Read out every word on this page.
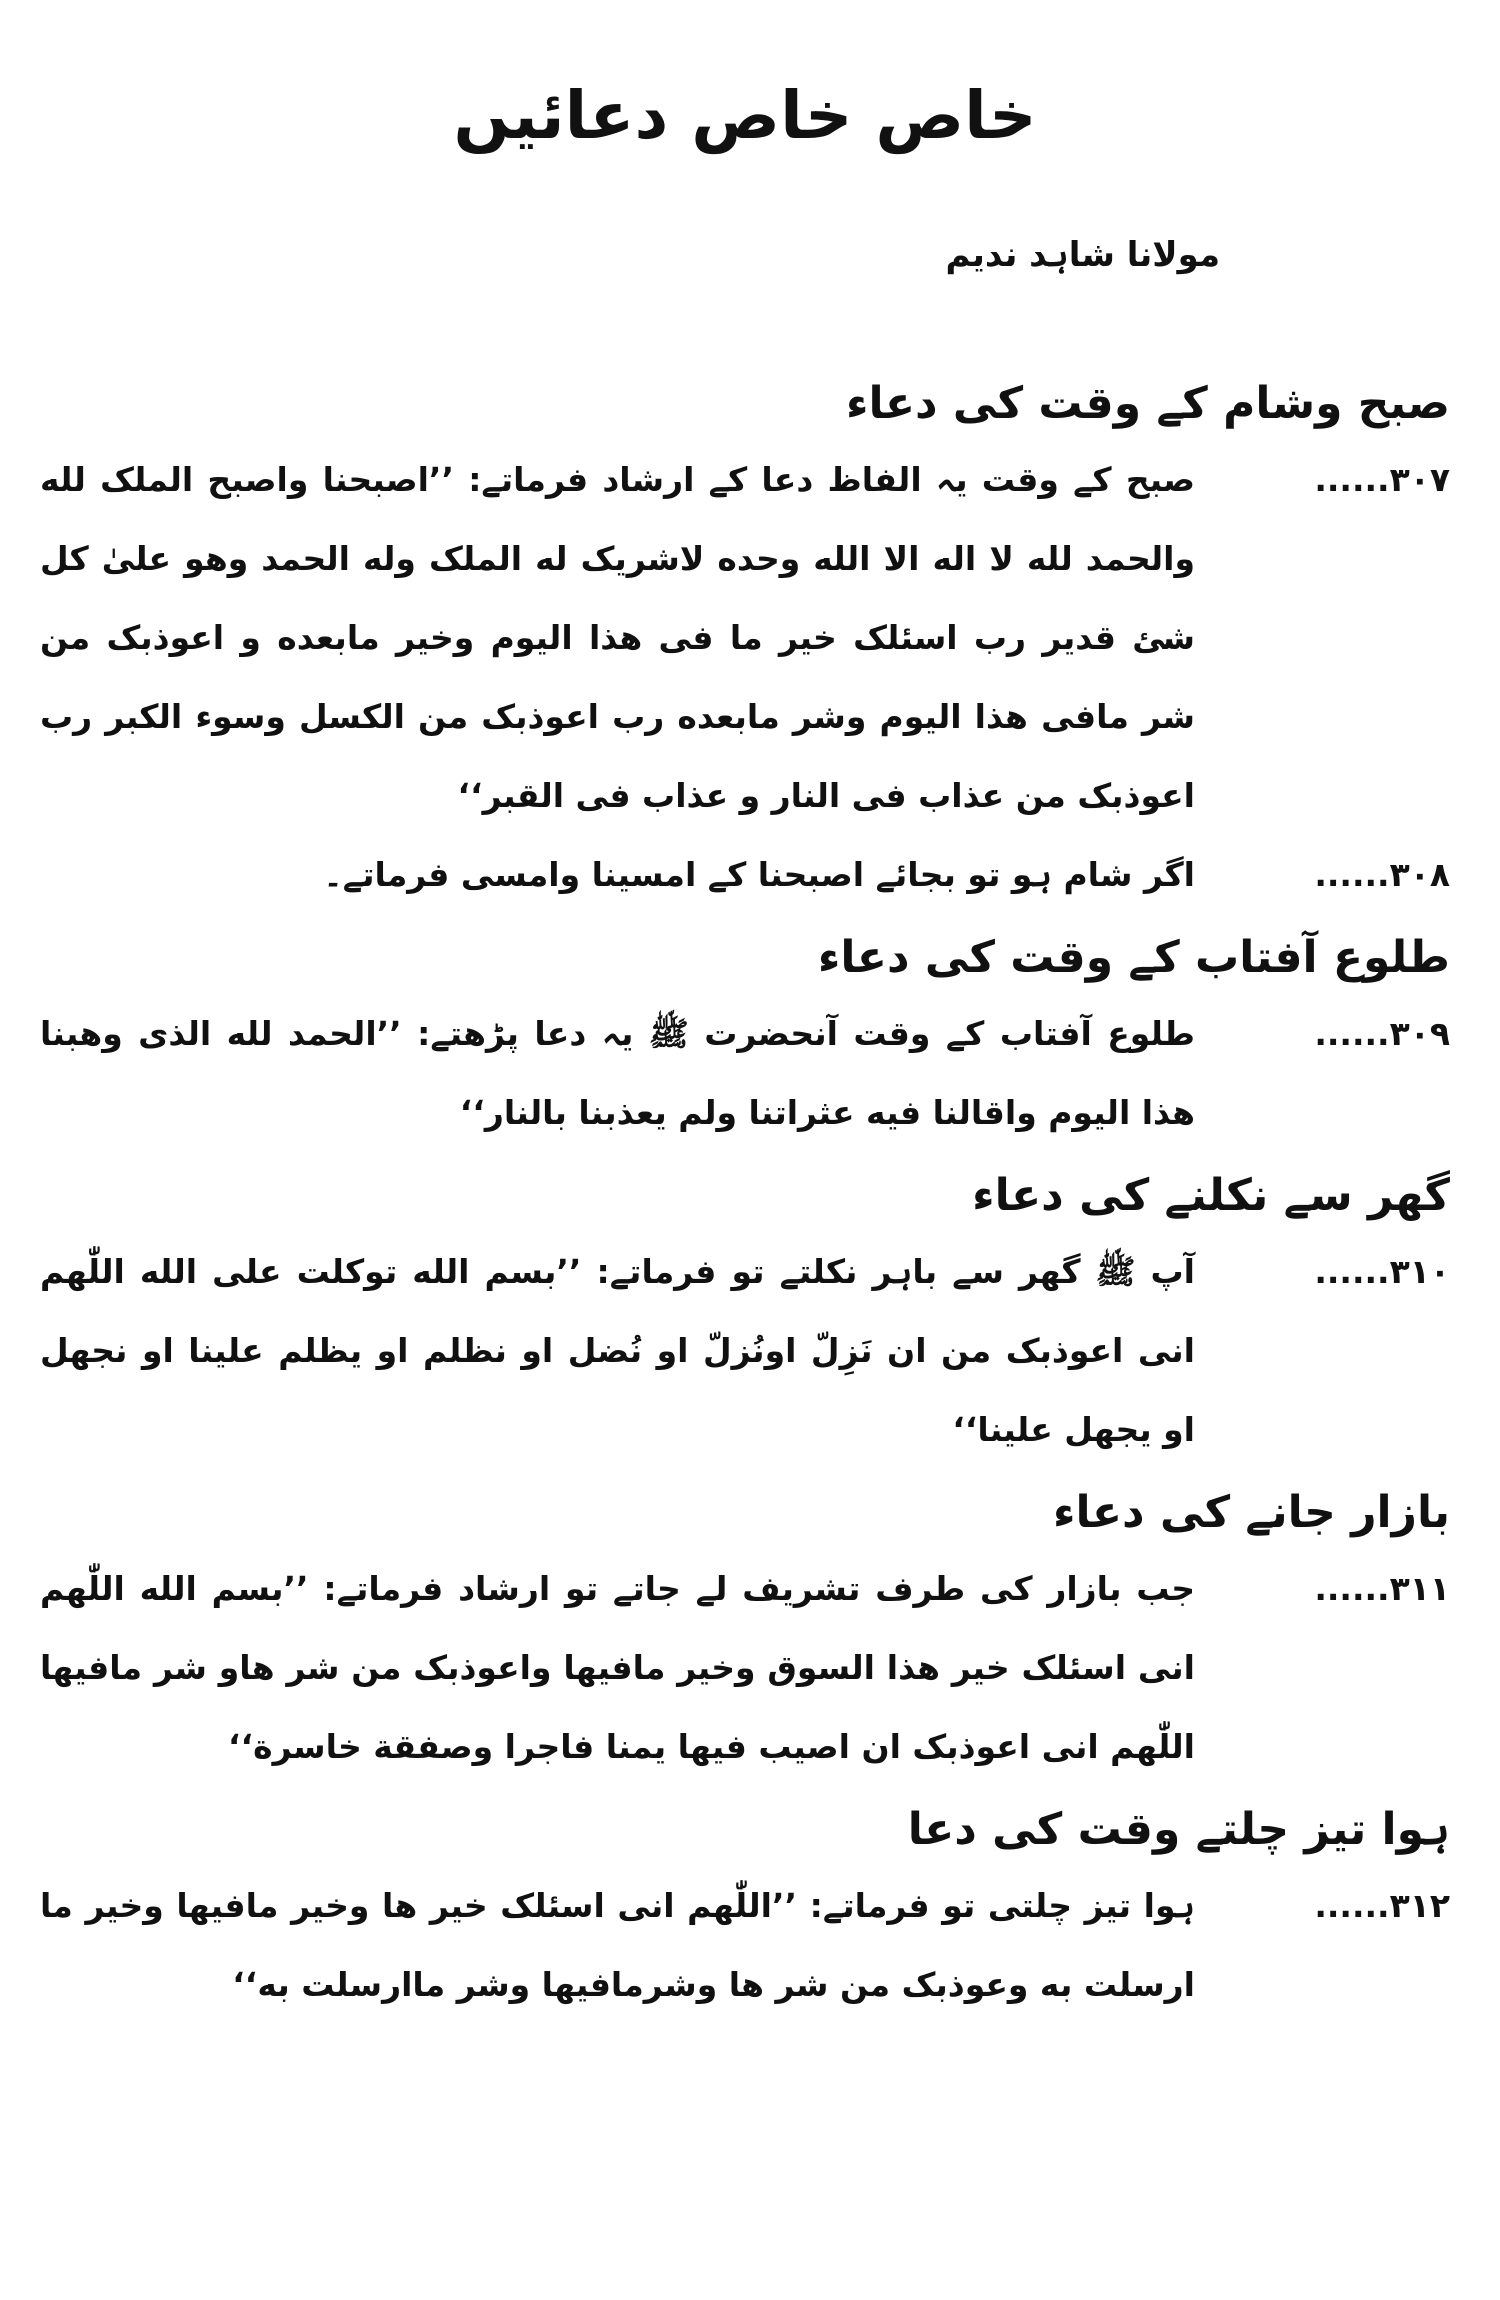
خاص خاص دعائیں
مولانا شاہد ندیم
صبح وشام کے وقت کی دعاء
۳۰۷......

صبح کے وقت یہ الفاظ دعا کے ارشاد فرماتے: ’’اصبحنا واصبح الملک لله والحمد لله لا اله الا الله وحده لاشریک له الملک وله الحمد وهو علیٰ کل شئ قدیر رب اسئلک خیر ما فی هذا الیوم وخیر مابعده و اعوذبک من شر مافی هذا الیوم وشر مابعده رب اعوذبک من الکسل وسوء الکبر رب اعوذبک من عذاب فی النار و عذاب فی القبر‘‘

۳۰۸......

اگر شام ہو تو بجائے اصبحنا کے امسینا وامسی فرماتے۔

طلوع آفتاب کے وقت کی دعاء
۳۰۹......

طلوع آفتاب کے وقت آنحضرت ﷺ یہ دعا پڑھتے: ’’الحمد لله الذی وهبنا هذا الیوم واقالنا فیه عثراتنا ولم یعذبنا بالنار‘‘

گھر سے نکلنے کی دعاء
۳۱۰......

آپ ﷺ گھر سے باہر نکلتے تو فرماتے: ’’بسم الله توکلت علی الله اللّٰهم انی اعوذبک من ان نَزِلّ اونُزلّ او نُضل او نظلم او یظلم علینا او نجهل او یجهل علینا‘‘

بازار جانے کی دعاء
۳۱۱......

جب بازار کی طرف تشریف لے جاتے تو ارشاد فرماتے: ’’بسم الله اللّٰهم انی اسئلک خیر هذا السوق وخیر مافیها واعوذبک من شر هاو شر مافیها اللّٰهم انی اعوذبک ان اصیب فیها یمنا فاجرا وصفقة خاسرة‘‘

ہوا تیز چلتے وقت کی دعا
۳۱۲......

ہوا تیز چلتی تو فرماتے: ’’اللّٰهم انی اسئلک خیر ها وخیر مافیها وخیر ما ارسلت به وعوذبک من شر ها وشرمافیها وشر ماارسلت به‘‘
